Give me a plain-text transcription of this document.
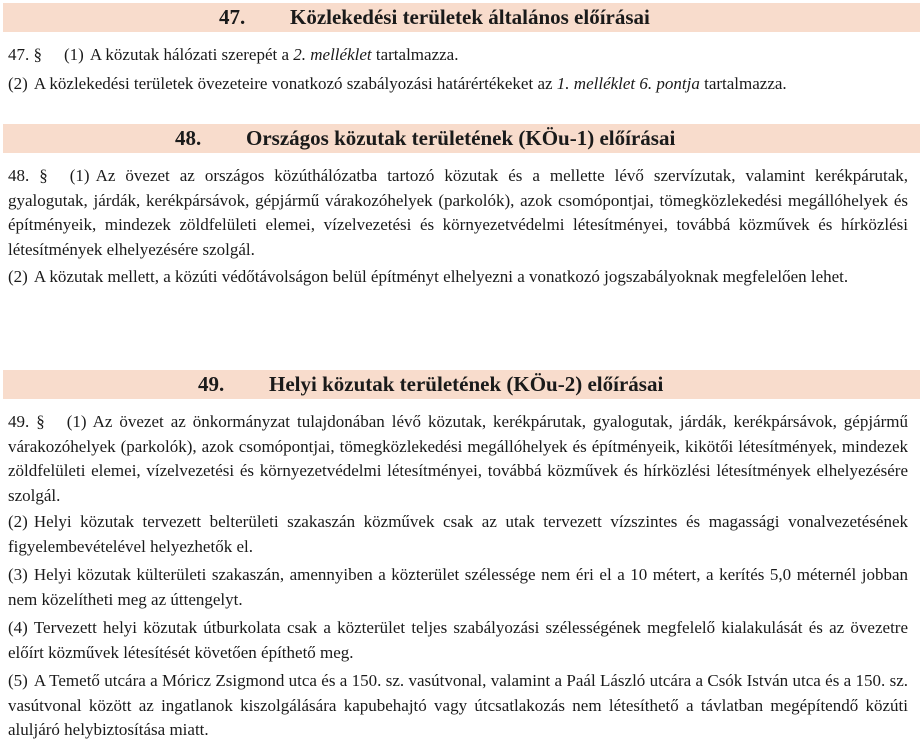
47. Közlekedési területek általános előírásai

47. § (1) A közutak hálózati szerepét a 2. melléklet tartalmazza.

(2) A közlekedési területek övezeteire vonatkozó szabályozási határértékeket az 1. melléklet 6. pontja tartalmazza.

48. Országos közutak területének (KÖu-1) előírásai

48. § (1) Az övezet az országos közúthálózatba tartozó közutak és a mellette lévő szervízutak, valamint kerékpárutak, gyalogutak, járdák, kerékpársávok, gépjármű várakozóhelyek (parkolók), azok csomópontjai, tömegközlekedési megállóhelyek és építményeik, mindezek zöldfelületi elemei, vízelvezetési és környezetvédelmi létesítményei, továbbá közművek és hírközlési létesítmények elhelyezésére szolgál.

(2) A közutak mellett, a közúti védőtávolságon belül építményt elhelyezni a vonatkozó jogszabályoknak megfelelően lehet.

49. Helyi közutak területének (KÖu-2) előírásai

49. § (1) Az övezet az önkormányzat tulajdonában lévő közutak, kerékpárutak, gyalogutak, járdák, kerékpársávok, gépjármű várakozóhelyek (parkolók), azok csomópontjai, tömegközlekedési megállóhelyek és építményeik, kikötői létesítmények, mindezek zöldfelületi elemei, vízelvezetési és környezetvédelmi létesítményei, továbbá közművek és hírközlési létesítmények elhelyezésére szolgál.

(2) Helyi közutak tervezett belterületi szakaszán közművek csak az utak tervezett vízszintes és magassági vonalvezetésének figyelembevételével helyezhetők el.

(3) Helyi közutak külterületi szakaszán, amennyiben a közterület szélessége nem éri el a 10 métert, a kerítés 5,0 méternél jobban nem közelítheti meg az úttengelyt.

(4) Tervezett helyi közutak útburkolata csak a közterület teljes szabályozási szélességének megfelelő kialakulását és az övezetre előírt közművek létesítését követően építhető meg.

(5) A Temető utcára a Móricz Zsigmond utca és a 150. sz. vasútvonal, valamint a Paál László utcára a Csók István utca és a 150. sz. vasútvonal között az ingatlanok kiszolgálására kapubehajtó vagy útcsatlakozás nem létesíthető a távlatban megépítendő közúti aluljáró helybiztosítása miatt.
